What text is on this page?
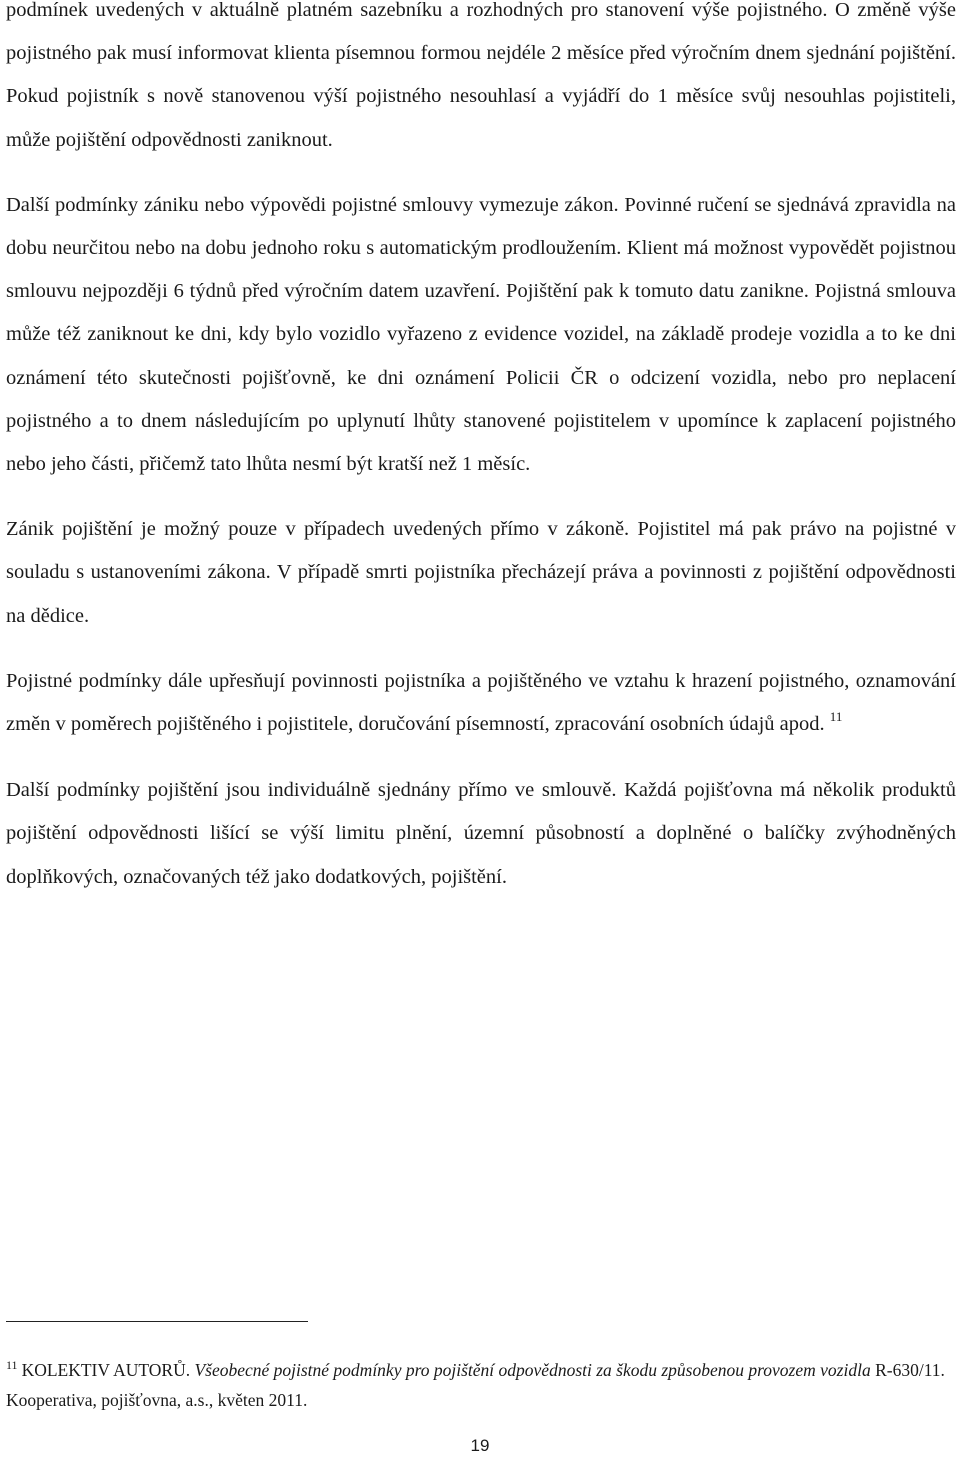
podmínek uvedených v aktuálně platném sazebníku a rozhodných pro stanovení výše pojistného. O změně výše pojistného pak musí informovat klienta písemnou formou nejdéle 2 měsíce před výročním dnem sjednání pojištění. Pokud pojistník s nově stanovenou výší pojistného nesouhlasí a vyjádří do 1 měsíce svůj nesouhlas pojistiteli, může pojištění odpovědnosti zaniknout.

Další podmínky zániku nebo výpovědi pojistné smlouvy vymezuje zákon. Povinné ručení se sjednává zpravidla na dobu neurčitou nebo na dobu jednoho roku s automatickým prodloužením. Klient má možnost vypovědět pojistnou smlouvu nejpozději 6 týdnů před výročním datem uzavření. Pojištění pak k tomuto datu zanikne. Pojistná smlouva může též zaniknout ke dni, kdy bylo vozidlo vyřazeno z evidence vozidel, na základě prodeje vozidla a to ke dni oznámení této skutečnosti pojišťovně, ke dni oznámení Policii ČR o odcizení vozidla, nebo pro neplacení pojistného a to dnem následujícím po uplynutí lhůty stanovené pojistitelem v upomínce k zaplacení pojistného nebo jeho části, přičemž tato lhůta nesmí být kratší než 1 měsíc.

Zánik pojištění je možný pouze v případech uvedených přímo v zákoně. Pojistitel má pak právo na pojistné v souladu s ustanoveními zákona. V případě smrti pojistníka přecházejí práva a povinnosti z pojištění odpovědnosti na dědice.

Pojistné podmínky dále upřesňují povinnosti pojistníka a pojištěného ve vztahu k hrazení pojistného, oznamování změn v poměrech pojištěného i pojistitele, doručování písemností, zpracování osobních údajů apod. $^{11}$

Další podmínky pojištění jsou individuálně sjednány přímo ve smlouvě. Každá pojišťovna má několik produktů pojištění odpovědnosti lišící se výší limitu plnění, územní působností a doplněné o balíčky zvýhodněných doplňkových, označovaných též jako dodatkových, pojištění.

$^{11}$ KOLEKTIV AUTORŮ. Všeobecné pojistné podmínky pro pojištění odpovědnosti za škodu způsobenou provozem vozidla R-630/11. Kooperativa, pojišťovna, a.s., květen 2011.

19
